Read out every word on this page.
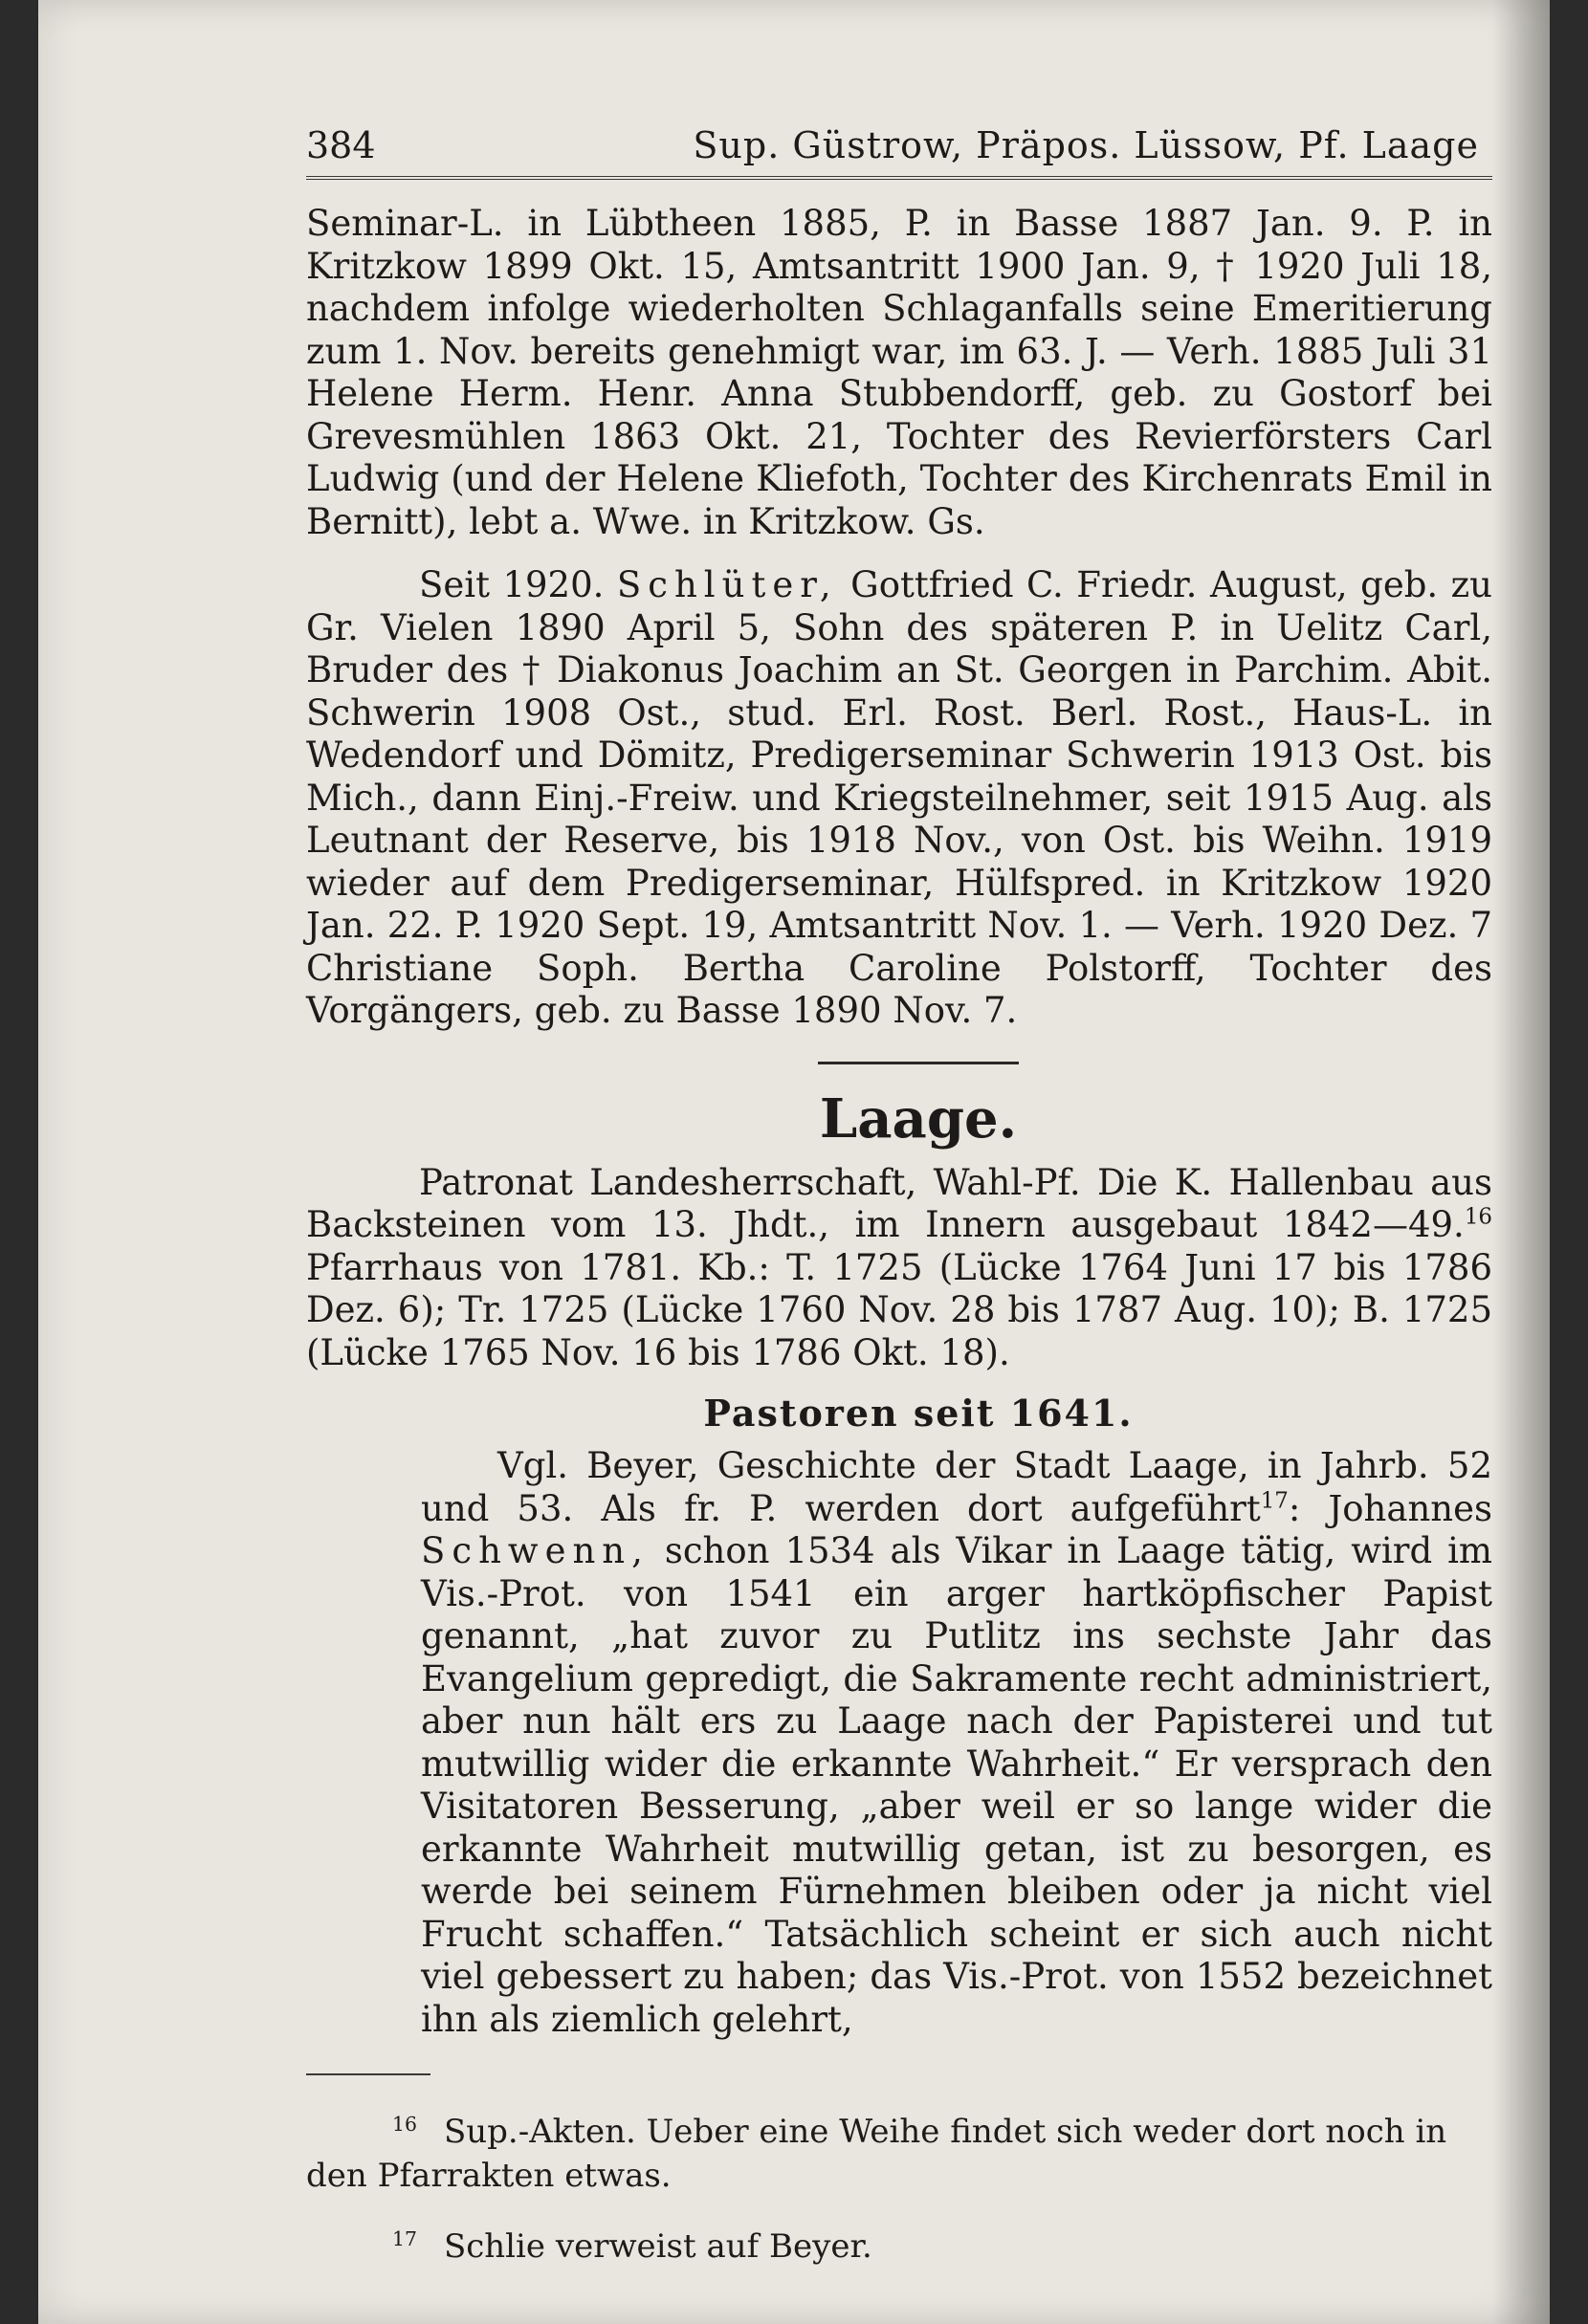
384	Sup. Güstrow, Präpos. Lüssow, Pf. Laage

Seminar-L. in Lübtheen 1885, P. in Basse 1887 Jan. 9. P. in Kritzkow 1899 Okt. 15, Amtsantritt 1900 Jan. 9, † 1920 Juli 18, nachdem infolge wiederholten Schlaganfalls seine Emeritierung zum 1. Nov. bereits genehmigt war, im 63. J. — Verh. 1885 Juli 31 Helene Herm. Henr. Anna Stubbendorff, geb. zu Gostorf bei Grevesmühlen 1863 Okt. 21, Tochter des Revierförsters Carl Ludwig (und der Helene Kliefoth, Tochter des Kirchenrats Emil in Bernitt), lebt a. Wwe. in Kritzkow. Gs.

Seit 1920. Schlüter, Gottfried C. Friedr. August, geb. zu Gr. Vielen 1890 April 5, Sohn des späteren P. in Uelitz Carl, Bruder des † Diakonus Joachim an St. Georgen in Parchim. Abit. Schwerin 1908 Ost., stud. Erl. Rost. Berl. Rost., Haus-L. in Wedendorf und Dömitz, Predigerseminar Schwerin 1913 Ost. bis Mich., dann Einj.-Freiw. und Kriegsteilnehmer, seit 1915 Aug. als Leutnant der Reserve, bis 1918 Nov., von Ost. bis Weihn. 1919 wieder auf dem Predigerseminar, Hülfspred. in Kritzkow 1920 Jan. 22. P. 1920 Sept. 19, Amtsantritt Nov. 1. — Verh. 1920 Dez. 7 Christiane Soph. Bertha Caroline Polstorff, Tochter des Vorgängers, geb. zu Basse 1890 Nov. 7.

Laage.

Patronat Landesherrschaft, Wahl-Pf. Die K. Hallenbau aus Backsteinen vom 13. Jhdt., im Innern ausgebaut 1842—49.16 Pfarrhaus von 1781. Kb.: T. 1725 (Lücke 1764 Juni 17 bis 1786 Dez. 6); Tr. 1725 (Lücke 1760 Nov. 28 bis 1787 Aug. 10); B. 1725 (Lücke 1765 Nov. 16 bis 1786 Okt. 18).

Pastoren seit 1641.

Vgl. Beyer, Geschichte der Stadt Laage, in Jahrb. 52 und 53. Als fr. P. werden dort aufgeführt$^{17}$: Johannes Schwenn, schon 1534 als Vikar in Laage tätig, wird im Vis.-Prot. von 1541 ein arger hartköpfischer Papist genannt, „hat zuvor zu Putlitz ins sechste Jahr das Evangelium gepredigt, die Sakramente recht administriert, aber nun hält ers zu Laage nach der Papisterei und tut mutwillig wider die erkannte Wahrheit.“ Er versprach den Visitatoren Besserung, „aber weil er so lange wider die erkannte Wahrheit mutwillig getan, ist zu besorgen, es werde bei seinem Fürnehmen bleiben oder ja nicht viel Frucht schaffen.“ Tatsächlich scheint er sich auch nicht viel gebessert zu haben; das Vis.-Prot. von 1552 bezeichnet ihn als ziemlich gelehrt,

$^{16}$ Sup.-Akten. Ueber eine Weihe findet sich weder dort noch in den Pfarrakten etwas.

$^{17}$ Schlie verweist auf Beyer.
